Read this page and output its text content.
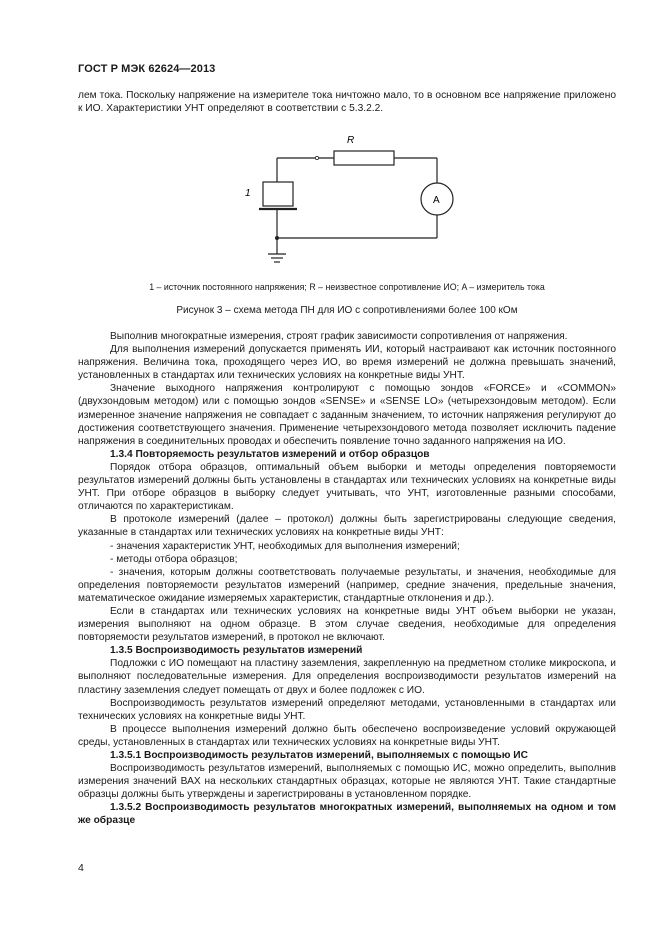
ГОСТ Р МЭК 62624—2013

лем тока. Поскольку напряжение на измерителе тока ничтожно мало, то в основном все напряжение приложено к ИО. Характеристики УНТ определяют в соответствии с 5.3.2.2.

R
1
A
1 – источник постоянного напряжения; R – неизвестное сопротивление ИО; A – измеритель тока
Рисунок 3 – схема метода ПН для ИО с сопротивлениями более 100 кОм

Выполнив многократные измерения, строят график зависимости сопротивления от напряжения.

Для выполнения измерений допускается применять ИИ, который настраивают как источник постоянного напряжения. Величина тока, проходящего через ИО, во время измерений не должна превышать значений, установленных в стандартах или технических условиях на конкретные виды УНТ.

Значение выходного напряжения контролируют с помощью зондов «FORCE» и «COMMON» (двухзондовым методом) или с помощью зондов «SENSE» и «SENSE LO» (четырехзондовым методом). Если измеренное значение напряжения не совпадает с заданным значением, то источник напряжения регулируют до достижения соответствующего значения. Применение четырехзондового метода позволяет исключить падение напряжения в соединительных проводах и обеспечить появление точно заданного напряжения на ИО.

1.3.4 Повторяемость результатов измерений и отбор образцов

Порядок отбора образцов, оптимальный объем выборки и методы определения повторяемости результатов измерений должны быть установлены в стандартах или технических условиях на конкретные виды УНТ. При отборе образцов в выборку следует учитывать, что УНТ, изготовленные разными способами, отличаются по характеристикам.

В протоколе измерений (далее – протокол) должны быть зарегистрированы следующие сведения, указанные в стандартах или технических условиях на конкретные виды УНТ:

- значения характеристик УНТ, необходимых для выполнения измерений;

- методы отбора образцов;

- значения, которым должны соответствовать получаемые результаты, и значения, необходимые для определения повторяемости результатов измерений (например, средние значения, предельные значения, математическое ожидание измеряемых характеристик, стандартные отклонения и др.).

Если в стандартах или технических условиях на конкретные виды УНТ объем выборки не указан, измерения выполняют на одном образце. В этом случае сведения, необходимые для определения повторяемости результатов измерений, в протокол не включают.

1.3.5 Воспроизводимость результатов измерений

Подложки с ИО помещают на пластину заземления, закрепленную на предметном столике микроскопа, и выполняют последовательные измерения. Для определения воспроизводимости результатов измерений на пластину заземления следует помещать от двух и более подложек с ИО.

Воспроизводимость результатов измерений определяют методами, установленными в стандартах или технических условиях на конкретные виды УНТ.

В процессе выполнения измерений должно быть обеспечено воспроизведение условий окружающей среды, установленных в стандартах или технических условиях на конкретные виды УНТ.

1.3.5.1 Воспроизводимость результатов измерений, выполняемых с помощью ИС

Воспроизводимость результатов измерений, выполняемых с помощью ИС, можно определить, выполнив измерения значений ВАХ на нескольких стандартных образцах, которые не являются УНТ. Такие стандартные образцы должны быть утверждены и зарегистрированы в установленном порядке.

1.3.5.2 Воспроизводимость результатов многократных измерений, выполняемых на одном и том же образце

4
